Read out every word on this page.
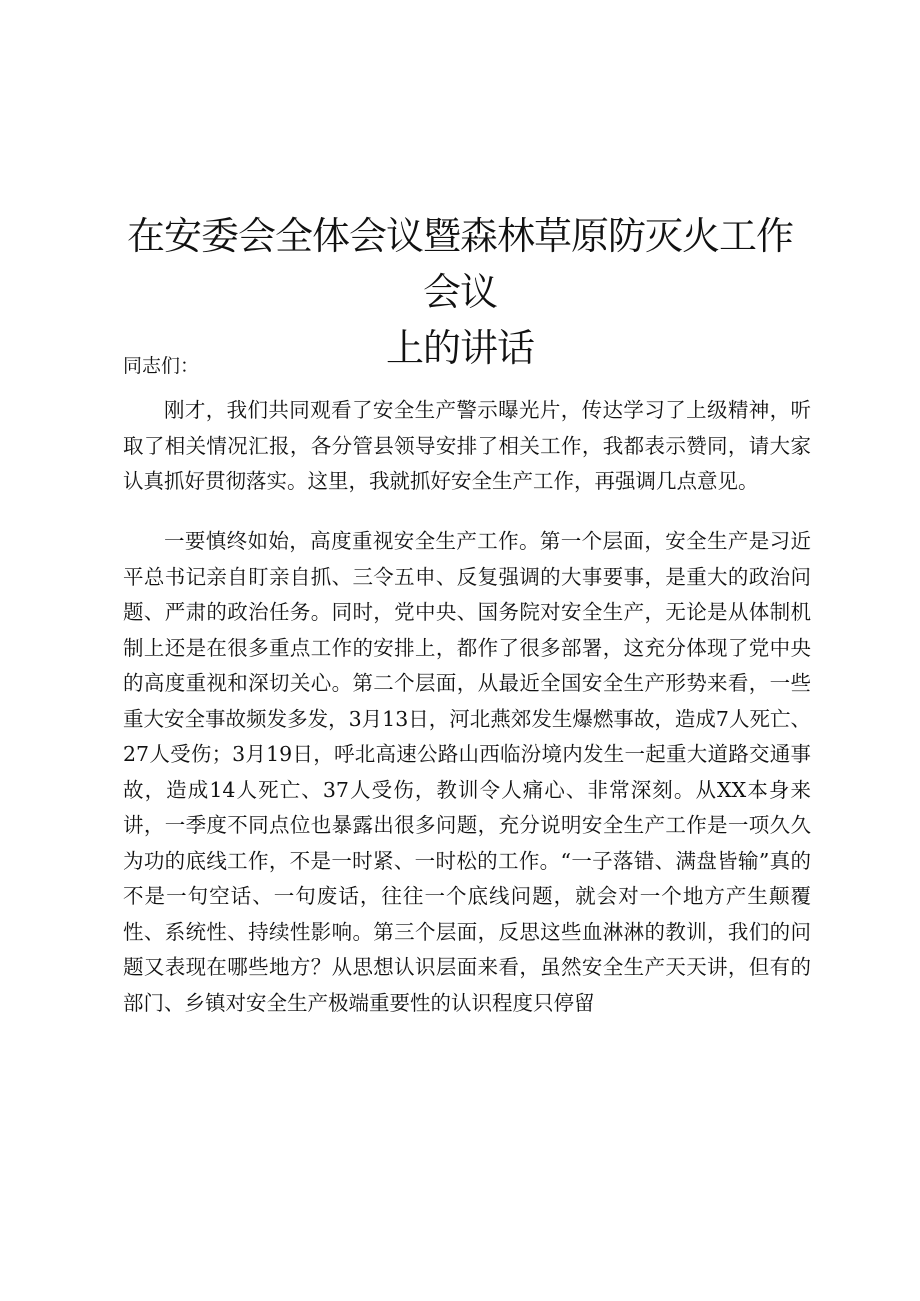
在安委会全体会议暨森林草原防灭火工作会议
上的讲话

同志们：

刚才，我们共同观看了安全生产警示曝光片，传达学习了上级精神，听取了相关情况汇报，各分管县领导安排了相关工作，我都表示赞同，请大家认真抓好贯彻落实。这里，我就抓好安全生产工作，再强调几点意见。

一要慎终如始，高度重视安全生产工作。第一个层面，安全生产是习近平总书记亲自盯亲自抓、三令五申、反复强调的大事要事，是重大的政治问题、严肃的政治任务。同时，党中央、国务院对安全生产，无论是从体制机制上还是在很多重点工作的安排上，都作了很多部署，这充分体现了党中央的高度重视和深切关心。第二个层面，从最近全国安全生产形势来看，一些重大安全事故频发多发，3月13日，河北燕郊发生爆燃事故，造成7人死亡、27人受伤；3月19日，呼北高速公路山西临汾境内发生一起重大道路交通事故，造成14人死亡、37人受伤，教训令人痛心、非常深刻。从XX本身来讲，一季度不同点位也暴露出很多问题，充分说明安全生产工作是一项久久为功的底线工作，不是一时紧、一时松的工作。“一子落错、满盘皆输”真的不是一句空话、一句废话，往往一个底线问题，就会对一个地方产生颠覆性、系统性、持续性影响。第三个层面，反思这些血淋淋的教训，我们的问题又表现在哪些地方？从思想认识层面来看，虽然安全生产天天讲，但有的部门、乡镇对安全生产极端重要性的认识程度只停留
